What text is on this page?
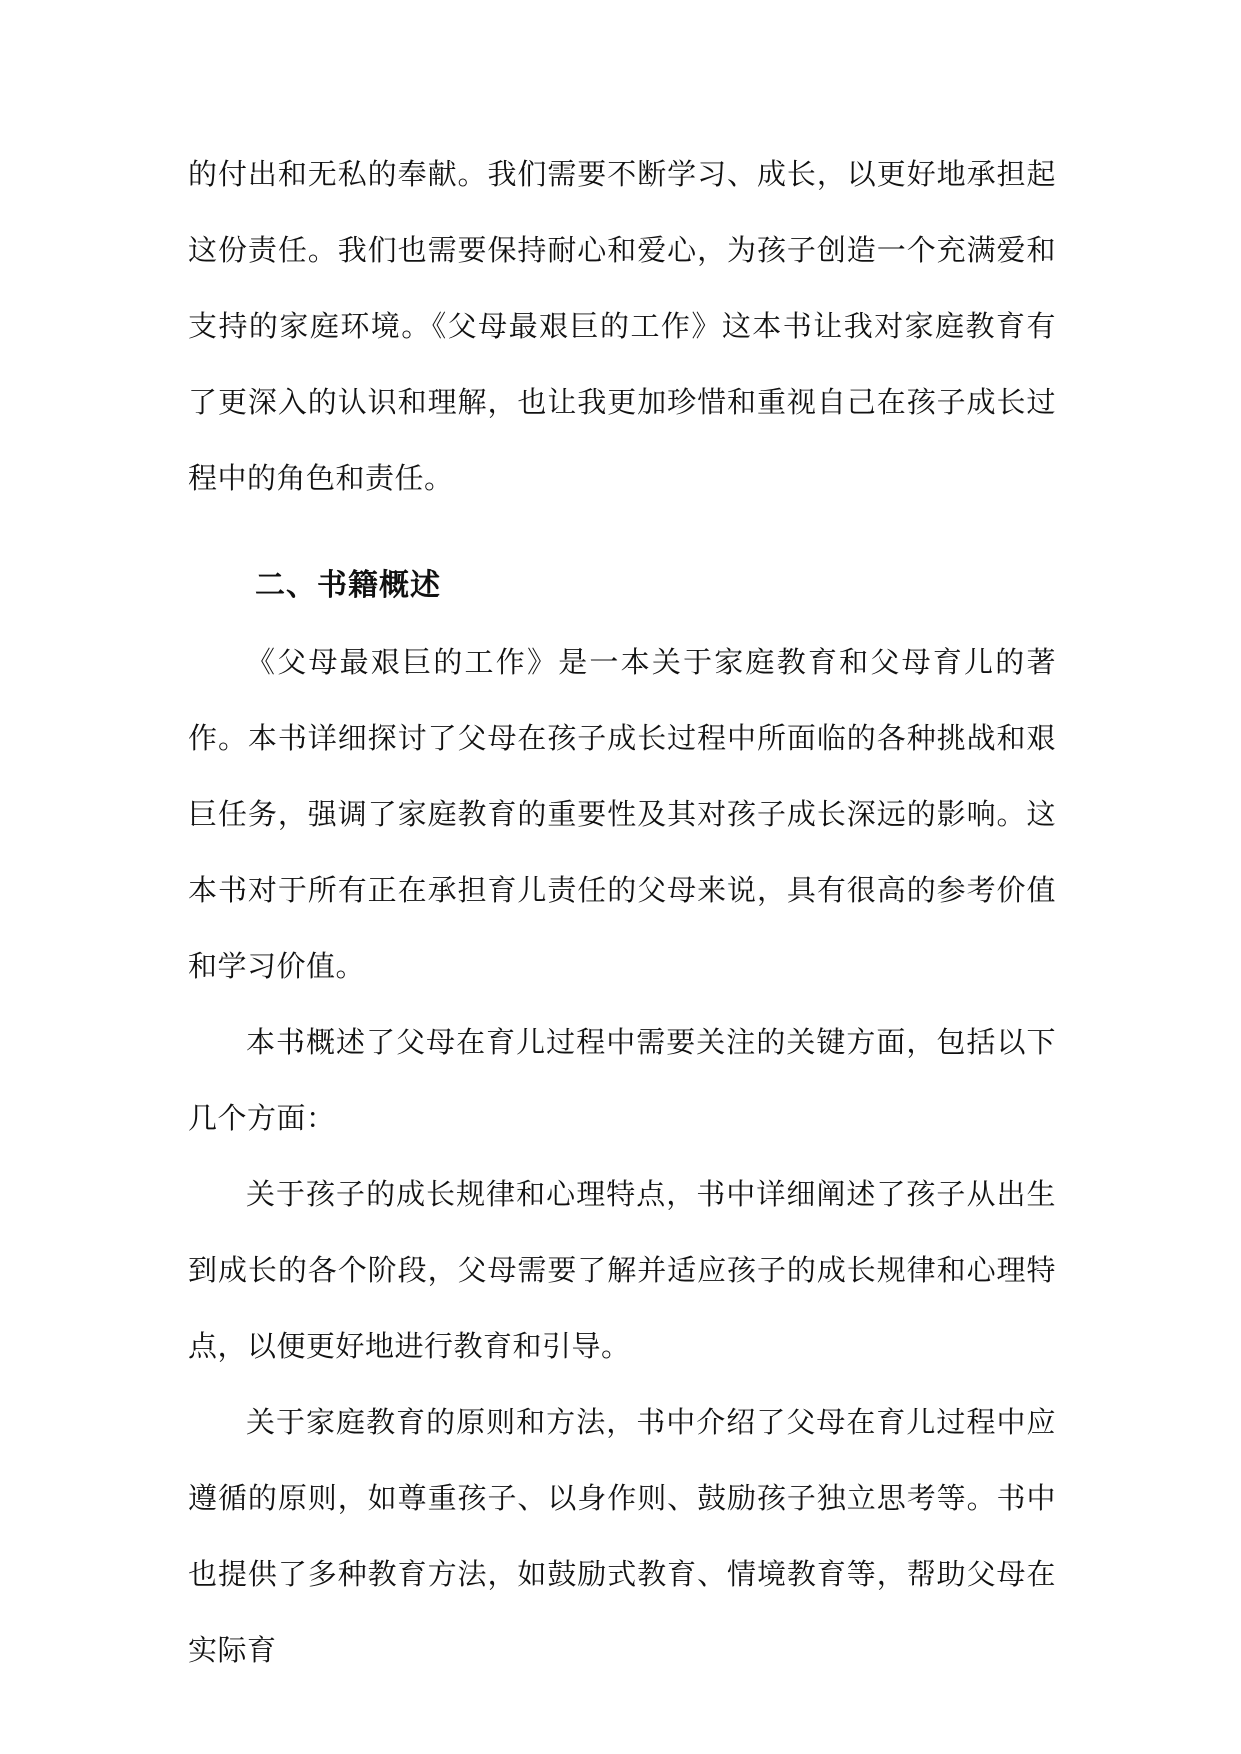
的付出和无私的奉献。我们需要不断学习、成长，以更好地承担起这份责任。我们也需要保持耐心和爱心，为孩子创造一个充满爱和支持的家庭环境。《父母最艰巨的工作》这本书让我对家庭教育有了更深入的认识和理解，也让我更加珍惜和重视自己在孩子成长过程中的角色和责任。

二、书籍概述

《父母最艰巨的工作》是一本关于家庭教育和父母育儿的著作。本书详细探讨了父母在孩子成长过程中所面临的各种挑战和艰巨任务，强调了家庭教育的重要性及其对孩子成长深远的影响。这本书对于所有正在承担育儿责任的父母来说，具有很高的参考价值和学习价值。

本书概述了父母在育儿过程中需要关注的关键方面，包括以下几个方面：

关于孩子的成长规律和心理特点，书中详细阐述了孩子从出生到成长的各个阶段，父母需要了解并适应孩子的成长规律和心理特点，以便更好地进行教育和引导。

关于家庭教育的原则和方法，书中介绍了父母在育儿过程中应遵循的原则，如尊重孩子、以身作则、鼓励孩子独立思考等。书中也提供了多种教育方法，如鼓励式教育、情境教育等，帮助父母在实际育
